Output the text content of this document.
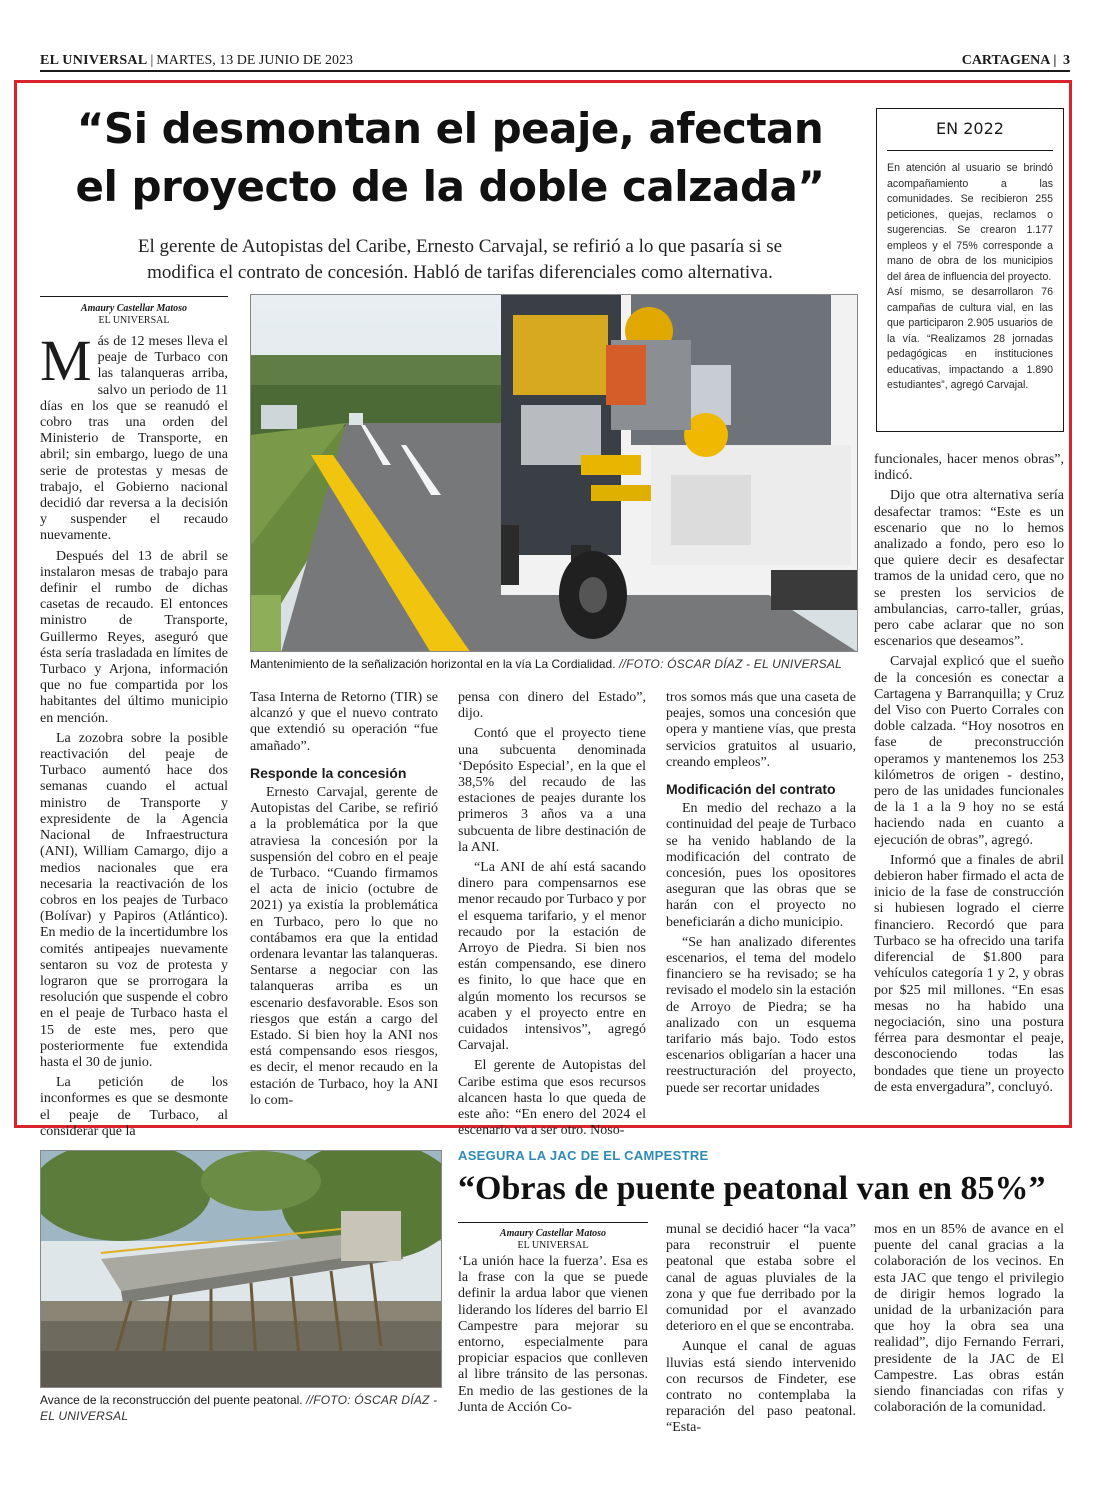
EL UNIVERSAL | MARTES, 13 DE JUNIO DE 2023	CARTAGENA | 3
“Si desmontan el peaje, afectan
el proyecto de la doble calzada”
El gerente de Autopistas del Caribe, Ernesto Carvajal, se refirió a lo que pasaría si se modifica el contrato de concesión. Habló de tarifas diferenciales como alternativa.
EN 2022
En atención al usuario se brindó acompañamiento a las comunidades. Se recibieron 255 peticiones, quejas, reclamos o sugerencias. Se crearon 1.177 empleos y el 75% corresponde a mano de obra de los municipios del área de influencia del proyecto.
Así mismo, se desarrollaron 76 campañas de cultura vial, en las que participaron 2.905 usuarios de la vía. “Realizamos 28 jornadas pedagógicas en instituciones educativas, impactando a 1.890 estudiantes”, agregó Carvajal.
Amaury Castellar Matoso
EL UNIVERSAL
Mantenimiento de la señalización horizontal en la vía La Cordialidad. //FOTO: ÓSCAR DÍAZ - EL UNIVERSAL

Más de 12 meses lleva el peaje de Turbaco con las talanqueras arriba, salvo un periodo de 11 días en los que se reanudó el cobro tras una orden del Ministerio de Transporte, en abril; sin embargo, luego de una serie de protestas y mesas de trabajo, el Gobierno nacional decidió dar reversa a la decisión y suspender el recaudo nuevamente.

Después del 13 de abril se instalaron mesas de trabajo para definir el rumbo de dichas casetas de recaudo. El entonces ministro de Transporte, Guillermo Reyes, aseguró que ésta sería trasladada en límites de Turbaco y Arjona, información que no fue compartida por los habitantes del último municipio en mención.

La zozobra sobre la posible reactivación del peaje de Turbaco aumentó hace dos semanas cuando el actual ministro de Transporte y expresidente de la Agencia Nacional de Infraestructura (ANI), William Camargo, dijo a medios nacionales que era necesaria la reactivación de los cobros en los peajes de Turbaco (Bolívar) y Papiros (Atlántico). En medio de la incertidumbre los comités antipeajes nuevamente sentaron su voz de protesta y lograron que se prorrogara la resolución que suspende el cobro en el peaje de Turbaco hasta el 15 de este mes, pero que posteriormente fue extendida hasta el 30 de junio.

La petición de los inconformes es que se desmonte el peaje de Turbaco, al considerar que la

Tasa Interna de Retorno (TIR) se alcanzó y que el nuevo contrato que extendió su operación “fue amañado”.

Responde la concesión

Ernesto Carvajal, gerente de Autopistas del Caribe, se refirió a la problemática por la que atraviesa la concesión por la suspensión del cobro en el peaje de Turbaco. “Cuando firmamos el acta de inicio (octubre de 2021) ya existía la problemática en Turbaco, pero lo que no contábamos era que la entidad ordenara levantar las talanqueras. Sentarse a negociar con las talanqueras arriba es un escenario desfavorable. Esos son riesgos que están a cargo del Estado. Si bien hoy la ANI nos está compensando esos riesgos, es decir, el menor recaudo en la estación de Turbaco, hoy la ANI lo com-

pensa con dinero del Estado”, dijo.

Contó que el proyecto tiene una subcuenta denominada ‘Depósito Especial’, en la que el 38,5% del recaudo de las estaciones de peajes durante los primeros 3 años va a una subcuenta de libre destinación de la ANI.

“La ANI de ahí está sacando dinero para compensarnos ese menor recaudo por Turbaco y por el esquema tarifario, y el menor recaudo por la estación de Arroyo de Piedra. Si bien nos están compensando, ese dinero es finito, lo que hace que en algún momento los recursos se acaben y el proyecto entre en cuidados intensivos”, agregó Carvajal.

El gerente de Autopistas del Caribe estima que esos recursos alcancen hasta lo que queda de este año: “En enero del 2024 el escenario va a ser otro. Noso-

tros somos más que una caseta de peajes, somos una concesión que opera y mantiene vías, que presta servicios gratuitos al usuario, creando empleos”.

Modificación del contrato

En medio del rechazo a la continuidad del peaje de Turbaco se ha venido hablando de la modificación del contrato de concesión, pues los opositores aseguran que las obras que se harán con el proyecto no beneficiarán a dicho municipio.

“Se han analizado diferentes escenarios, el tema del modelo financiero se ha revisado; se ha revisado el modelo sin la estación de Arroyo de Piedra; se ha analizado con un esquema tarifario más bajo. Todo estos escenarios obligarían a hacer una reestructuración del proyecto, puede ser recortar unidades

funcionales, hacer menos obras”, indicó.

Dijo que otra alternativa sería desafectar tramos: “Este es un escenario que no lo hemos analizado a fondo, pero eso lo que quiere decir es desafectar tramos de la unidad cero, que no se presten los servicios de ambulancias, carro-taller, grúas, pero cabe aclarar que no son escenarios que deseamos”.

Carvajal explicó que el sueño de la concesión es conectar a Cartagena y Barranquilla; y Cruz del Viso con Puerto Corrales con doble calzada. “Hoy nosotros en fase de preconstrucción operamos y mantenemos los 253 kilómetros de origen - destino, pero de las unidades funcionales de la 1 a la 9 hoy no se está haciendo nada en cuanto a ejecución de obras”, agregó.

Informó que a finales de abril debieron haber firmado el acta de inicio de la fase de construcción si hubiesen logrado el cierre financiero. Recordó que para Turbaco se ha ofrecido una tarifa diferencial de $1.800 para vehículos categoría 1 y 2, y obras por $25 mil millones. “En esas mesas no ha habido una negociación, sino una postura férrea para desmontar el peaje, desconociendo todas las bondades que tiene un proyecto de esta envergadura”, concluyó.

Avance de la reconstrucción del puente peatonal. //FOTO: ÓSCAR DÍAZ - EL UNIVERSAL
ASEGURA LA JAC DE EL CAMPESTRE
“Obras de puente peatonal van en 85%”
Amaury Castellar Matoso
EL UNIVERSAL

‘La unión hace la fuerza’. Esa es la frase con la que se puede definir la ardua labor que vienen liderando los líderes del barrio El Campestre para mejorar su entorno, especialmente para propiciar espacios que conlleven al libre tránsito de las personas. En medio de las gestiones de la Junta de Acción Co-

munal se decidió hacer “la vaca” para reconstruir el puente peatonal que estaba sobre el canal de aguas pluviales de la zona y que fue derribado por la comunidad por el avanzado deterioro en el que se encontraba.

Aunque el canal de aguas lluvias está siendo intervenido con recursos de Findeter, ese contrato no contemplaba la reparación del paso peatonal. “Esta-

mos en un 85% de avance en el puente del canal gracias a la colaboración de los vecinos. En esta JAC que tengo el privilegio de dirigir hemos logrado la unidad de la urbanización para que hoy la obra sea una realidad”, dijo Fernando Ferrari, presidente de la JAC de El Campestre. Las obras están siendo financiadas con rifas y colaboración de la comunidad.
